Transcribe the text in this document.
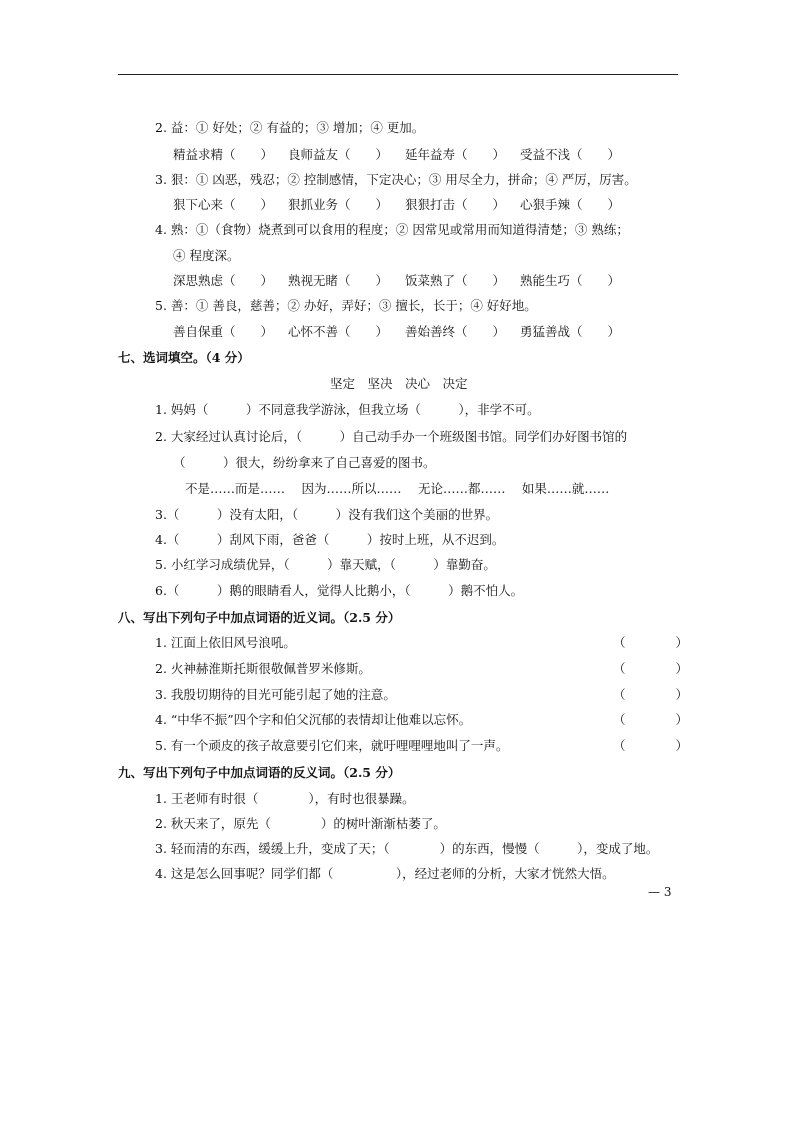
2. 益：① 好处；② 有益的；③ 增加；④ 更加。
精益求精（　　） 良师益友（　　） 延年益寿（　　） 受益不浅（　　）
3. 狠：① 凶恶，残忍；② 控制感情，下定决心；③ 用尽全力，拼命；④ 严厉，厉害。
狠下心来（　　） 狠抓业务（　　） 狠狠打击（　　） 心狠手辣（　　）
4. 熟：①（食物）烧煮到可以食用的程度；② 因常见或常用而知道得清楚；③ 熟练；
④ 程度深。
深思熟虑（　　） 熟视无睹（　　） 饭菜熟了（　　） 熟能生巧（　　）
5. 善：① 善良，慈善；② 办好，弄好；③ 擅长，长于；④ 好好地。
善自保重（　　） 心怀不善（　　） 善始善终（　　） 勇猛善战（　　）
七、选词填空。（4 分）
坚定　坚决　决心　决定
1. 妈妈（　　　）不同意我学游泳，但我立场（　　　），非学不可。
2. 大家经过认真讨论后，（　　　）自己动手办一个班级图书馆。同学们办好图书馆的
（　　　）很大，纷纷拿来了自己喜爱的图书。
不是……而是……　 因为……所以……　 无论……都……　 如果……就……
3.（　　　）没有太阳，（　　　）没有我们这个美丽的世界。
4.（　　　）刮风下雨，爸爸（　　　）按时上班，从不迟到。
5. 小红学习成绩优异，（　　　）靠天赋，（　　　）靠勤奋。
6.（　　　）鹅的眼睛看人，觉得人比鹅小，（　　　）鹅不怕人。
八、写出下列句子中加点词语的近义词。（2.5 分）
1. 江面上依旧风号浪吼。	（　　　　）
2. 火神赫淮斯托斯很敬佩普罗米修斯。	（　　　　）
3. 我殷切期待的目光可能引起了她的注意。	（　　　　）
4. “中华不振”四个字和伯父沉郁的表情却让他难以忘怀。	（　　　　）
5. 有一个顽皮的孩子故意要引它们来，就吁哩哩哩地叫了一声。	（　　　　）
九、写出下列句子中加点词语的反义词。（2.5 分）
1. 王老师有时很（　　　　），有时也很暴躁。
2. 秋天来了，原先（　　　　）的树叶渐渐枯萎了。
3. 轻而清的东西，缓缓上升，变成了天；（　　　　）的东西，慢慢（　　　），变成了地。
4. 这是怎么回事呢？同学们都（　　　　　），经过老师的分析，大家才恍然大悟。
— 3
